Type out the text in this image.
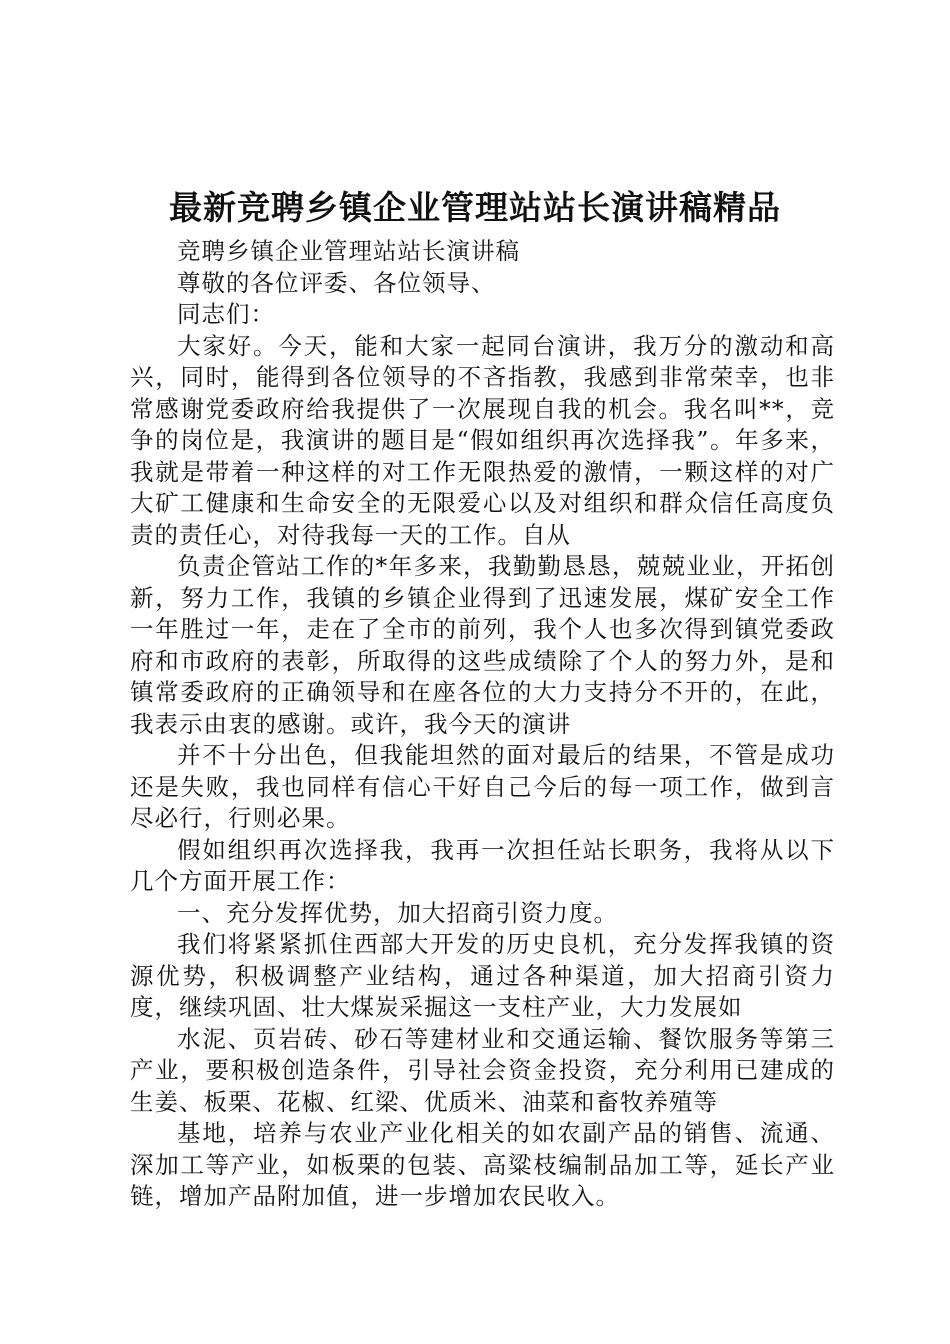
最新竞聘乡镇企业管理站站长演讲稿精品

竞聘乡镇企业管理站站长演讲稿

尊敬的各位评委、各位领导、

同志们：

大家好。今天，能和大家一起同台演讲，我万分的激动和高兴，同时，能得到各位领导的不吝指教，我感到非常荣幸，也非常感谢党委政府给我提供了一次展现自我的机会。我名叫**，竞争的岗位是，我演讲的题目是“假如组织再次选择我”。年多来，我就是带着一种这样的对工作无限热爱的激情，一颗这样的对广大矿工健康和生命安全的无限爱心以及对组织和群众信任高度负责的责任心，对待我每一天的工作。自从

负责企管站工作的*年多来，我勤勤恳恳，兢兢业业，开拓创新，努力工作，我镇的乡镇企业得到了迅速发展，煤矿安全工作一年胜过一年，走在了全市的前列，我个人也多次得到镇党委政府和市政府的表彰，所取得的这些成绩除了个人的努力外，是和镇常委政府的正确领导和在座各位的大力支持分不开的，在此，我表示由衷的感谢。或许，我今天的演讲

并不十分出色，但我能坦然的面对最后的结果，不管是成功还是失败，我也同样有信心干好自己今后的每一项工作，做到言尽必行，行则必果。

假如组织再次选择我，我再一次担任站长职务，我将从以下几个方面开展工作：

一、充分发挥优势，加大招商引资力度。

我们将紧紧抓住西部大开发的历史良机，充分发挥我镇的资源优势，积极调整产业结构，通过各种渠道，加大招商引资力度，继续巩固、壮大煤炭采掘这一支柱产业，大力发展如

水泥、页岩砖、砂石等建材业和交通运输、餐饮服务等第三产业，要积极创造条件，引导社会资金投资，充分利用已建成的生姜、板栗、花椒、红梁、优质米、油菜和畜牧养殖等

基地，培养与农业产业化相关的如农副产品的销售、流通、深加工等产业，如板栗的包装、高粱枝编制品加工等，延长产业链，增加产品附加值，进一步增加农民收入。
